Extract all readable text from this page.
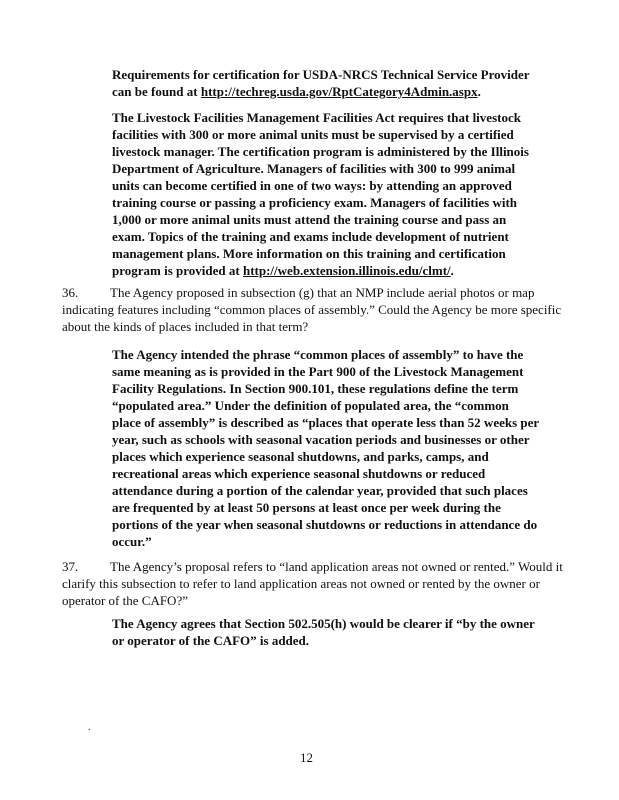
Requirements for certification for USDA-NRCS Technical Service Provider
can be found at http://techreg.usda.gov/RptCategory4Admin.aspx.
The Livestock Facilities Management Facilities Act requires that livestock
facilities with 300 or more animal units must be supervised by a certified
livestock manager. The certification program is administered by the Illinois
Department of Agriculture. Managers of facilities with 300 to 999 animal
units can become certified in one of two ways: by attending an approved
training course or passing a proficiency exam. Managers of facilities with
1,000 or more animal units must attend the training course and pass an
exam. Topics of the training and exams include development of nutrient
management plans. More information on this training and certification
program is provided at http://web.extension.illinois.edu/clmt/.
36. The Agency proposed in subsection (g) that an NMP include aerial photos or map
indicating features including “common places of assembly.” Could the Agency be more specific
about the kinds of places included in that term?
The Agency intended the phrase “common places of assembly” to have the
same meaning as is provided in the Part 900 of the Livestock Management
Facility Regulations. In Section 900.101, these regulations define the term
“populated area.” Under the definition of populated area, the “common
place of assembly” is described as “places that operate less than 52 weeks per
year, such as schools with seasonal vacation periods and businesses or other
places which experience seasonal shutdowns, and parks, camps, and
recreational areas which experience seasonal shutdowns or reduced
attendance during a portion of the calendar year, provided that such places
are frequented by at least 50 persons at least once per week during the
portions of the year when seasonal shutdowns or reductions in attendance do
occur.”
37. The Agency’s proposal refers to “land application areas not owned or rented.” Would it
clarify this subsection to refer to land application areas not owned or rented by the owner or
operator of the CAFO?”
The Agency agrees that Section 502.505(h) would be clearer if “by the owner
or operator of the CAFO” is added.
.
12
